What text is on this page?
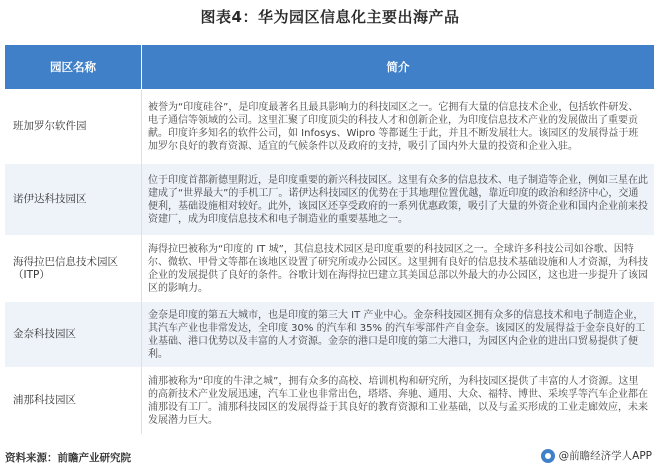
图表4：华为园区信息化主要出海产品
园区名称	简介
班加罗尔软件园	被誉为“印度硅谷”，是印度最著名且最具影响力的科技园区之一。它拥有大量的信息技术企业，包括软件研发、电子通信等领域的公司。这里汇聚了印度顶尖的科技人才和创新企业，为印度信息技术产业的发展做出了重要贡献。印度许多知名的软件公司，如 Infosys、Wipro 等都诞生于此，并且不断发展壮大。该园区的发展得益于班加罗尔良好的教育资源、适宜的气候条件以及政府的支持，吸引了国内外大量的投资和企业入驻。
诺伊达科技园区	位于印度首都新德里附近，是印度重要的新兴科技园区。这里有众多的信息技术、电子制造等企业，例如三星在此建成了“世界最大”的手机工厂。诺伊达科技园区的优势在于其地理位置优越，靠近印度的政治和经济中心，交通便利，基础设施相对较好。此外，该园区还享受政府的一系列优惠政策，吸引了大量的外资企业和国内企业前来投资建厂，成为印度信息技术和电子制造业的重要基地之一。
海得拉巴信息技术园区（ITP）	海得拉巴被称为“印度的 IT 城”，其信息技术园区是印度重要的科技园区之一。全球许多科技公司如谷歌、因特尔、微软、甲骨文等都在该地区设置了研究所或办公园区。这里拥有良好的信息技术基础设施和人才资源，为科技企业的发展提供了良好的条件。谷歌计划在海得拉巴建立其美国总部以外最大的办公园区，这也进一步提升了该园区的影响力。
金奈科技园区	金奈是印度的第五大城市，也是印度的第三大 IT 产业中心。金奈科技园区拥有众多的信息技术和电子制造企业，其汽车产业也非常发达，全印度 30% 的汽车和 35% 的汽车零部件产自金奈。该园区的发展得益于金奈良好的工业基础、港口优势以及丰富的人才资源。金奈的港口是印度的第二大港口，为园区内企业的进出口贸易提供了便利。
浦那科技园区	浦那被称为“印度的牛津之城”，拥有众多的高校、培训机构和研究所，为科技园区提供了丰富的人才资源。这里的高新技术产业发展迅速，汽车工业也非常出色，塔塔、奔驰、通用、大众、福特、博世、采埃孚等汽车企业都在浦那设有工厂。浦那科技园区的发展得益于其良好的教育资源和工业基础，以及与孟买形成的工业走廊效应，未来发展潜力巨大。
资料来源：前瞻产业研究院	@前瞻经济学人APP
